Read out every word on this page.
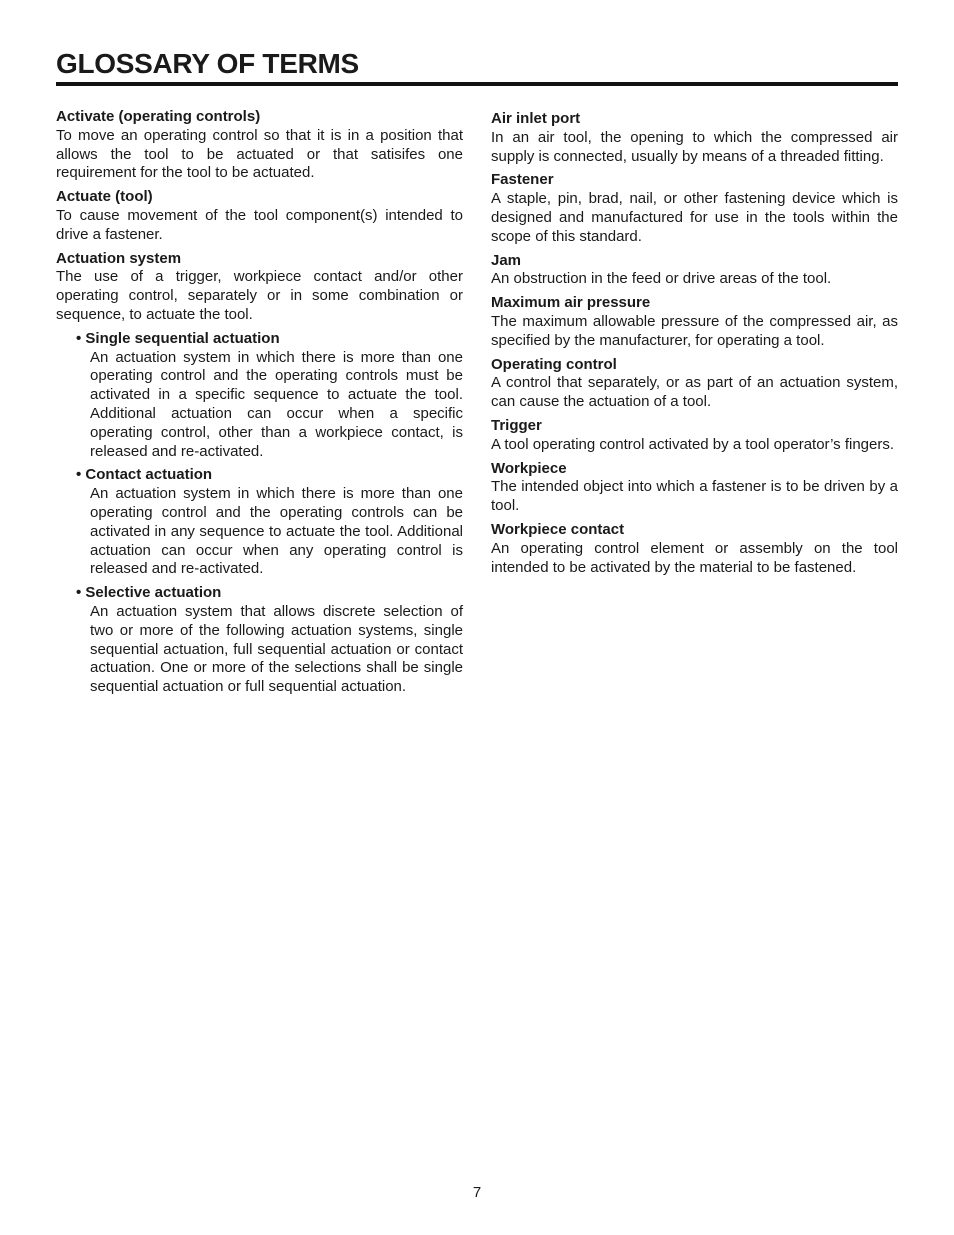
GLOSSARY OF TERMS

Activate (operating controls)

To move an operating control so that it is in a position that allows the tool to be actuated or that satisifes one requirement for the tool to be actuated.

Actuate (tool)

To cause movement of the tool component(s) intended to drive a fastener.

Actuation system

The use of a trigger, workpiece contact and/or other operating control, separately or in some combination or sequence, to actuate the tool.

• Single sequential actuation

An actuation system in which there is more than one operating control and the operating controls must be activated in a specific sequence to actuate the tool. Additional actuation can occur when a specific operating control, other than a workpiece contact, is released and re-activated.

• Contact actuation

An actuation system in which there is more than one operating control and the operating controls can be activated in any sequence to actuate the tool. Additional actuation can occur when any operating control is released and re-activated.

• Selective actuation

An actuation system that allows discrete selection of two or more of the following actuation systems, single sequential actuation, full sequential actuation or contact actuation. One or more of the selections shall be single sequential actuation or full sequential actuation.

Air inlet port

In an air tool, the opening to which the compressed air supply is connected, usually by means of a threaded fitting.

Fastener

A staple, pin, brad, nail, or other fastening device which is designed and manufactured for use in the tools within the scope of this standard.

Jam

An obstruction in the feed or drive areas of the tool.

Maximum air pressure

The maximum allowable pressure of the compressed air, as specified by the manufacturer, for operating a tool.

Operating control

A control that separately, or as part of an actuation system, can cause the actuation of a tool.

Trigger

A tool operating control activated by a tool operator’s fingers.

Workpiece

The intended object into which a fastener is to be driven by a tool.

Workpiece contact

An operating control element or assembly on the tool intended to be activated by the material to be fastened.

7
